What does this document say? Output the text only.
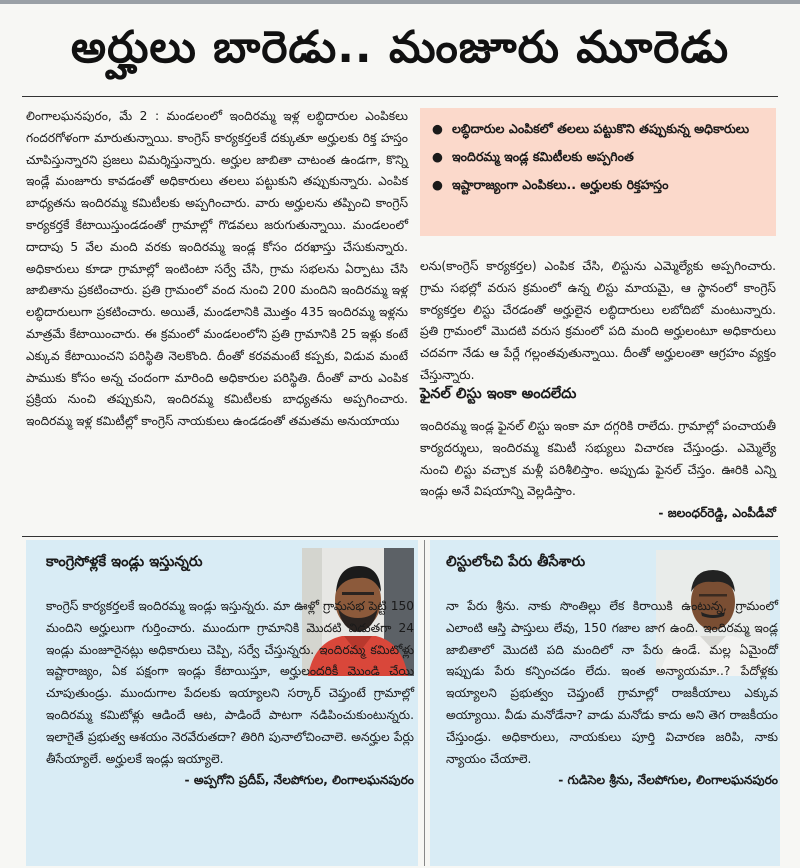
అర్హులు బారెడు.. మంజూరు మూరెడు

లింగాలఘనపురం, మే 2 : మండలంలో ఇందిరమ్మ ఇళ్ల లబ్ధిదారుల ఎంపికలు గందరగోళంగా మారుతున్నాయి. కాంగ్రెస్ కార్యకర్తలకే దక్కుతూ అర్హులకు రిక్త హస్తం చూపిస్తున్నారని ప్రజలు విమర్శిస్తున్నారు. అర్హుల జాబితా చాటంత ఉండగా, కొన్ని ఇండ్లే మంజూరు కావడంతో అధికారులు తలలు పట్టుకుని తప్పుకున్నారు. ఎంపిక బాధ్యతను ఇందిరమ్మ కమిటీలకు అప్పగించారు. వారు అర్హులను తప్పించి కాంగ్రెస్ కార్యకర్తకే కేటాయిస్తుండడంతో గ్రామాల్లో గొడవలు జరుగుతున్నాయి. మండలంలో దాదాపు 5 వేల మంది వరకు ఇందిరమ్మ ఇండ్ల కోసం దరఖాస్తు చేసుకున్నారు. అధికారులు కూడా గ్రామాల్లో ఇంటింటా సర్వే చేసి, గ్రామ సభలను ఏర్పాటు చేసి జాబితాను ప్రకటించారు. ప్రతి గ్రామంలో వంద నుంచి 200 మందిని ఇందిరమ్మ ఇళ్ల లబ్ధిదారులుగా ప్రకటించారు. అయితే, మండలానికి మొత్తం 435 ఇందిరమ్మ ఇళ్లను మాత్రమే కేటాయించారు. ఈ క్రమంలో మండలంలోని ప్రతి గ్రామానికి 25 ఇళ్లు కంటే ఎక్కువ కేటాయించని పరిస్థితి నెలకొంది. దీంతో కరవమంటే కప్పకు, విడువ మంటే పాముకు కోసం అన్న చందంగా మారింది అధికారుల పరిస్థితి. దీంతో వారు ఎంపిక ప్రక్రియ నుంచి తప్పుకుని, ఇందిరమ్మ కమిటీలకు బాధ్యతను అప్పగించారు. ఇందిరమ్మ ఇళ్ల కమిటీల్లో కాంగ్రెస్ నాయకులు ఉండడంతో తమతమ అనుయాయు

● లబ్ధిదారుల ఎంపికలో తలలు పట్టుకొని తప్పుకున్న అధికారులు
● ఇందిరమ్మ ఇండ్ల కమిటీలకు అప్పగింత
● ఇష్టారాజ్యంగా ఎంపికలు.. అర్హులకు రిక్తహస్తం

లను(కాంగ్రెస్ కార్యకర్తల) ఎంపిక చేసి, లిస్టును ఎమ్మెల్యేకు అప్పగించారు. గ్రామ సభల్లో వరుస క్రమంలో ఉన్న లిస్టు మాయమై, ఆ స్థానంలో కాంగ్రెస్ కార్యకర్తల లిస్టు చేరడంతో అర్హులైన లబ్ధిదారులు లబోదిబో మంటున్నారు. ప్రతి గ్రామంలో మొదటి వరుస క్రమంలో పది మంది అర్హులంటూ అధికారులు చదవగా నేడు ఆ పేర్లే గల్లంతవుతున్నాయి. దీంతో అర్హులంతా ఆగ్రహం వ్యక్తం చేస్తున్నారు.

ఫైనల్ లిస్టు ఇంకా అందలేదు

ఇందిరమ్మ ఇండ్ల ఫైనల్ లిస్టు ఇంకా మా దగ్గరికి రాలేదు. గ్రామాల్లో పంచాయతీ కార్యదర్శులు, ఇందిరమ్మ కమిటీ సభ్యులు విచారణ చేస్తుండ్రు. ఎమ్మెల్యే నుంచి లిస్టు వచ్చాక మళ్లీ పరిశీలిస్తాం. అప్పుడు ఫైనల్ చేస్తం. ఊరికి ఎన్ని ఇండ్లు అనే విషయాన్ని వెల్లడిస్తాం.

- జలంధర్‌రెడ్డి, ఎంపీడీవో

కాంగ్రెసోళ్లకే ఇండ్లు ఇస్తున్నరు

కాంగ్రెస్ కార్యకర్తలకే ఇందిరమ్మ ఇండ్లు ఇస్తున్నరు. మా ఊళ్లో గ్రామసభ పెట్టి 150 మందిని అర్హులుగా గుర్తించారు. ముందుగా గ్రామానికి మొదటి విడుతగా 24 ఇండ్లు మంజూరైనట్లు అధికారులు చెప్పి, సర్వే చేస్తున్నరు. ఇందిరమ్మ కమిటోళ్లు ఇష్టారాజ్యం, ఏక పక్షంగా ఇండ్లు కేటాయిస్తూ, అర్హులందరికీ మొండి చేయి చూపుతుండ్రు. ముందుగాల పేదలకు ఇయ్యాలని సర్కార్ చెప్తుంటే గ్రామాల్లో ఇందిరమ్మ కమిటోళ్లు ఆడిందే ఆట, పాడిందే పాటగా నడిపించుకుంటున్నరు. ఇలాగైతే ప్రభుత్వ ఆశయం నెరవేరుతదా? తిరిగి పునాలోచించాలె. అనర్హుల పేర్లు తీసేయ్యాలే. అర్హులకే ఇండ్లు ఇయ్యాలె.

- అప్పగోని ప్రదీప్, నేలపోగుల, లింగాలఘనపురం

లిస్టులోంచి పేరు తీసేశారు

నా పేరు శ్రీను. నాకు సొంతిల్లు లేక కిరాయికి ఉంటున్న, గ్రామంలో ఎలాంటి ఆస్తి పాస్తులు లేవు, 150 గజాల జాగ ఉంది. ఇందిరమ్మ ఇండ్ల జాబితాలో మొదటి పది మందిలో నా పేరు ఉండే. మల్ల ఏమైందో ఇప్పుడు పేరు కన్పించడం లేదు. ఇంత అన్యాయమా..? పేదోళ్లకు ఇయ్యాలని ప్రభుత్వం చెప్తుంటే గ్రామాల్లో రాజకీయాలు ఎక్కువ అయ్యాయి. వీడు మనోడేనా? వాడు మనోడు కాదు అని తెగ రాజకీయం చేస్తుండ్రు. అధికారులు, నాయకులు పూర్తి విచారణ జరిపి, నాకు న్యాయం చేయాలె.

- గుడిసెల శ్రీను, నేలపోగుల, లింగాలఘనపురం
